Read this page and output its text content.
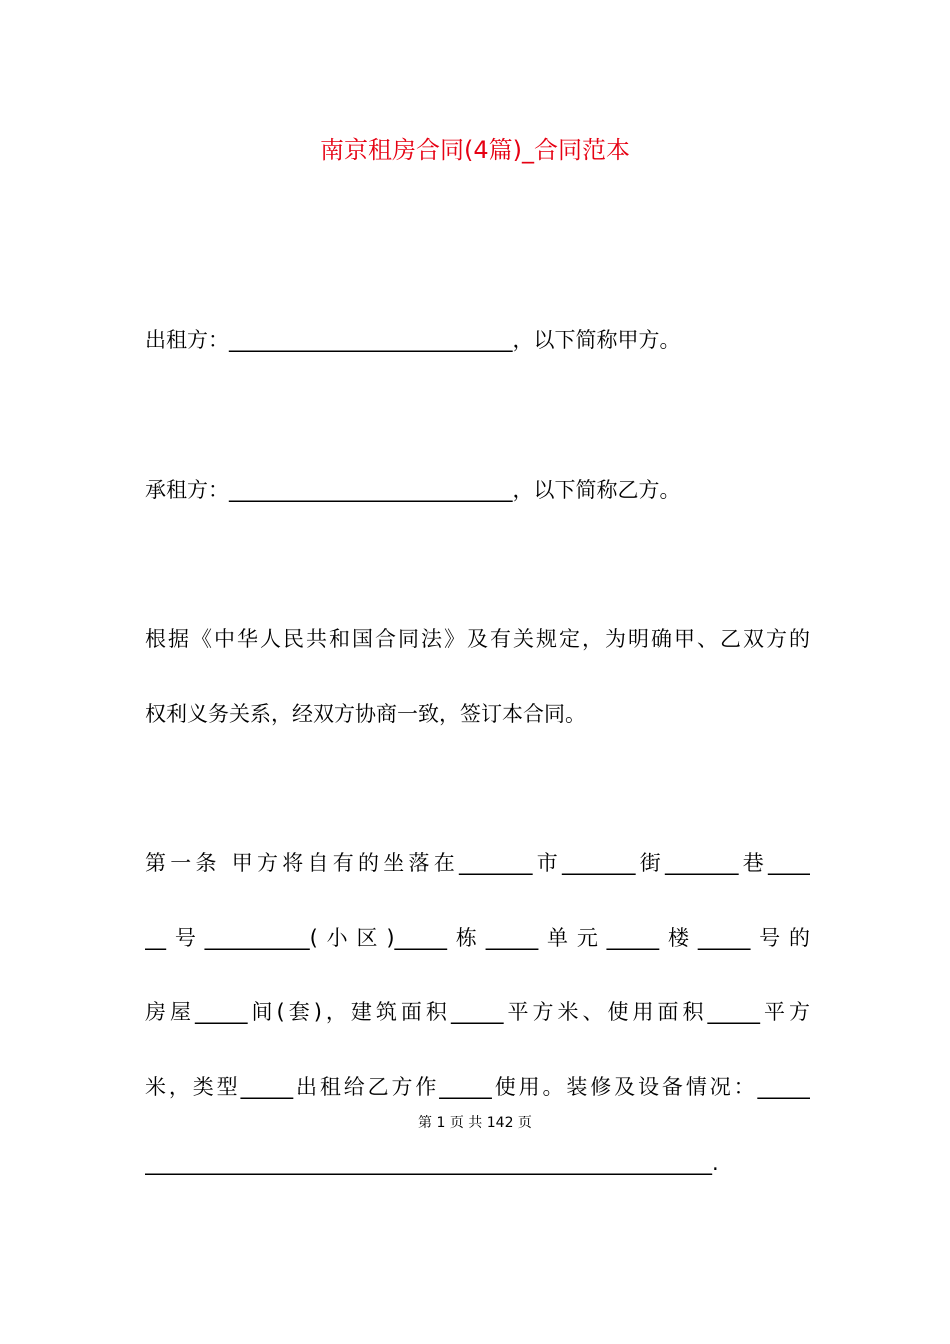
南京租房合同(4篇)_合同范本
出租方：___________________________，以下简称甲方。
承租方：___________________________，以下简称乙方。
根据《中华人民共和国合同法》及有关规定，为明确甲、乙双方的
权利义务关系，经双方协商一致，签订本合同。
第一条 甲方将自有的坐落在_______市_______街_______巷____
__号__________(小区)_____栋_____单元_____楼_____号的
房屋_____间(套)，建筑面积_____平方米、使用面积_____平方
米，类型_____出租给乙方作_____使用。装修及设备情况：_____
第 1 页 共 142 页
______________________________________________________.
